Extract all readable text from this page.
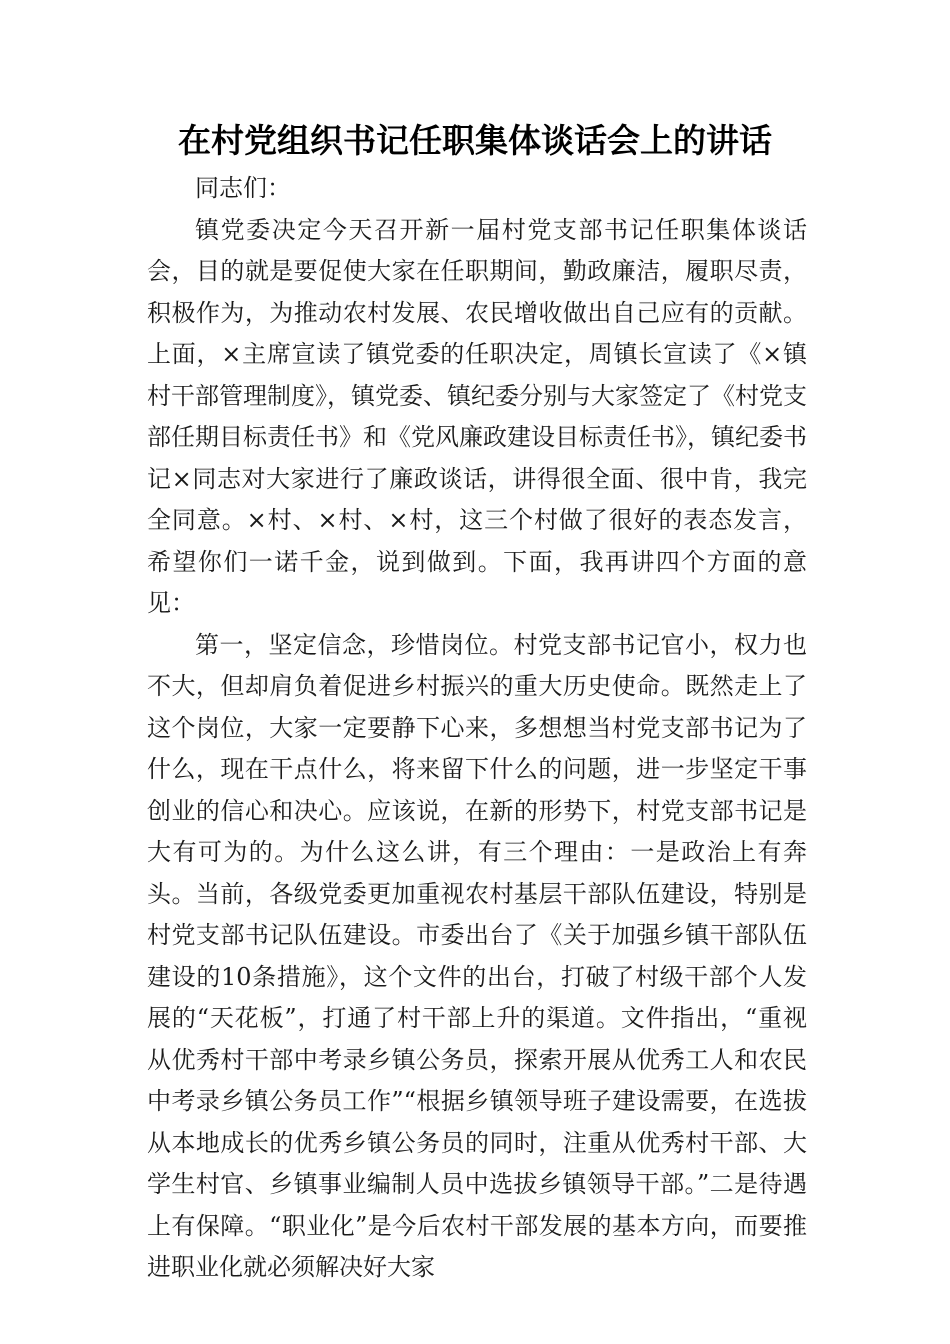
在村党组织书记任职集体谈话会上的讲话

同志们：

镇党委决定今天召开新一届村党支部书记任职集体谈话会，目的就是要促使大家在任职期间，勤政廉洁，履职尽责，积极作为，为推动农村发展、农民增收做出自己应有的贡献。上面，×主席宣读了镇党委的任职决定，周镇长宣读了《×镇村干部管理制度》，镇党委、镇纪委分别与大家签定了《村党支部任期目标责任书》和《党风廉政建设目标责任书》，镇纪委书记×同志对大家进行了廉政谈话，讲得很全面、很中肯，我完全同意。×村、×村、×村，这三个村做了很好的表态发言，希望你们一诺千金，说到做到。下面，我再讲四个方面的意见：

第一，坚定信念，珍惜岗位。村党支部书记官小，权力也不大，但却肩负着促进乡村振兴的重大历史使命。既然走上了这个岗位，大家一定要静下心来，多想想当村党支部书记为了什么，现在干点什么，将来留下什么的问题，进一步坚定干事创业的信心和决心。应该说，在新的形势下，村党支部书记是大有可为的。为什么这么讲，有三个理由：一是政治上有奔头。当前，各级党委更加重视农村基层干部队伍建设，特别是村党支部书记队伍建设。市委出台了《关于加强乡镇干部队伍建设的10条措施》，这个文件的出台，打破了村级干部个人发展的“天花板”，打通了村干部上升的渠道。文件指出，“重视从优秀村干部中考录乡镇公务员，探索开展从优秀工人和农民中考录乡镇公务员工作”“根据乡镇领导班子建设需要，在选拔从本地成长的优秀乡镇公务员的同时，注重从优秀村干部、大学生村官、乡镇事业编制人员中选拔乡镇领导干部。”二是待遇上有保障。“职业化”是今后农村干部发展的基本方向，而要推进职业化就必须解决好大家
